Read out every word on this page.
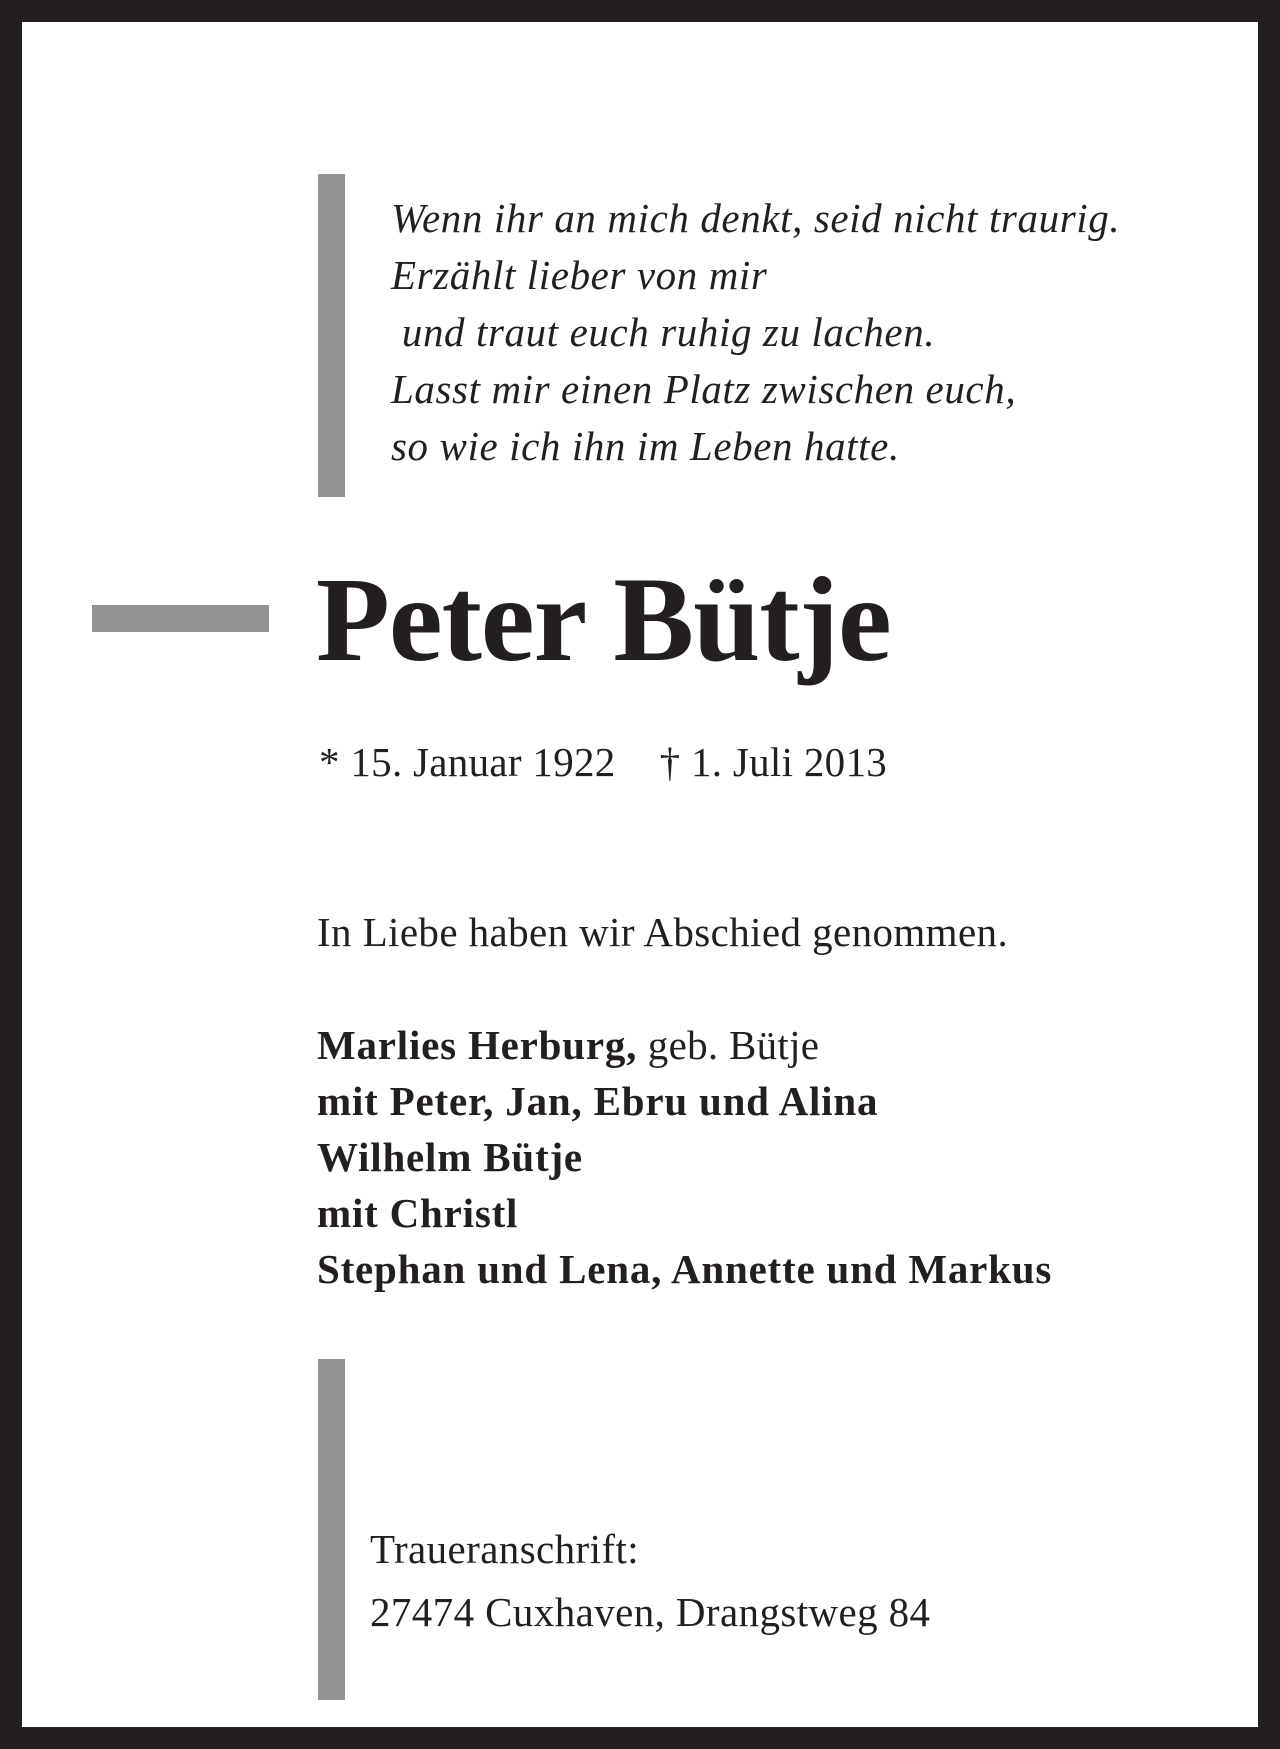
Wenn ihr an mich denkt, seid nicht traurig.
Erzählt lieber von mir
und traut euch ruhig zu lachen.
Lasst mir einen Platz zwischen euch,
so wie ich ihn im Leben hatte.
Peter Bütje
* 15. Januar 1922 † 1. Juli 2013
In Liebe haben wir Abschied genommen.
Marlies Herburg, geb. Bütje
mit Peter, Jan, Ebru und Alina
Wilhelm Bütje
mit Christl
Stephan und Lena, Annette und Markus
Traueranschrift:
27474 Cuxhaven, Drangstweg 84
